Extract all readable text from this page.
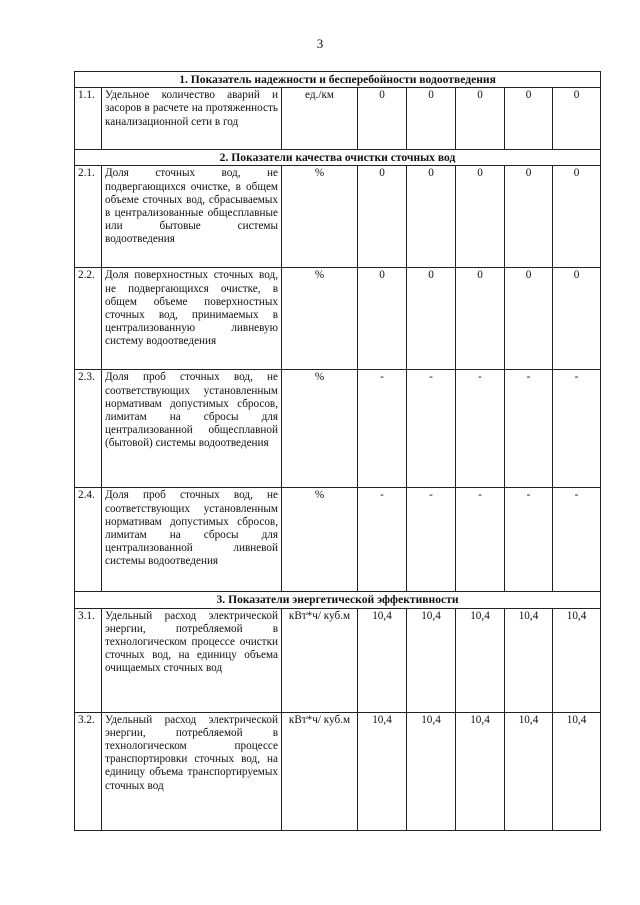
3
1. Показатель надежности и бесперебойности водоотведения							
1.1.	Удельное количество аварий и засоров в расчете на протяженность канализационной сети в год	ед./км	0	0	0	0	0
2. Показатели качества очистки сточных вод							
2.1.	Доля сточных вод, не подвергающихся очистке, в общем объеме сточных вод, сбрасываемых в централизованные общесплавные или бытовые системы водоотведения	%	0	0	0	0	0
2.2.	Доля поверхностных сточных вод, не подвергающихся очистке, в общем объеме поверхностных сточных вод, принимаемых в централизованную ливневую систему водоотведения	%	0	0	0	0	0
2.3.	Доля проб сточных вод, не соответствующих установленным нормативам допустимых сбросов, лимитам на сбросы для централизованной общесплавной (бытовой) системы водоотведения	%	-	-	-	-	-
2.4.	Доля проб сточных вод, не соответствующих установленным нормативам допустимых сбросов, лимитам на сбросы для централизованной ливневой системы водоотведения	%	-	-	-	-	-
3. Показатели энергетической эффективности							
3.1.	Удельный расход электрической энергии, потребляемой в технологическом процессе очистки сточных вод, на единицу объема очищаемых сточных вод	кВт*ч/ куб.м	10,4	10,4	10,4	10,4	10,4
3.2.	Удельный расход электрической энергии, потребляемой в технологическом процессе транспортировки сточных вод, на единицу объема транспортируемых сточных вод	кВт*ч/ куб.м	10,4	10,4	10,4	10,4	10,4
